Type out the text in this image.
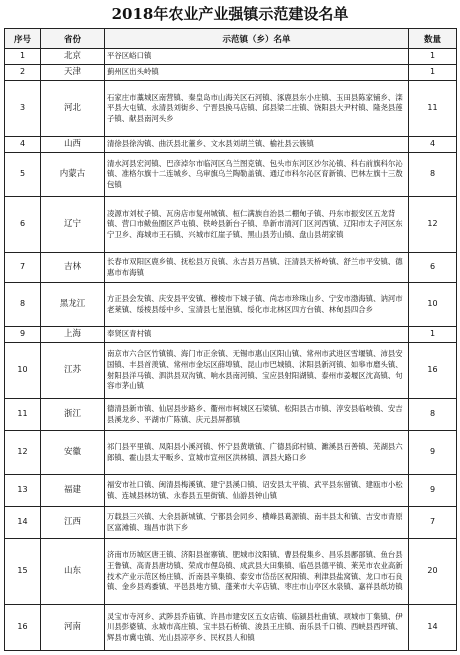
2018年农业产业强镇示范建设名单
序号	省份	示范镇（乡）名单	数量
1	北京	平谷区峪口镇	1
2	天津	蓟州区出头岭镇	1
3	河北	石家庄市藁城区南营镇、秦皇岛市山海关区石河镇、涿鹿县东小庄镇、玉田县陈家铺乡、滦平县大屯镇、永清县刘街乡、宁晋县换马店镇、邱县梁二庄镇、饶阳县大尹村镇、隆尧县莲子镇、献县南河头乡	11
4	山西	清徐县徐沟镇、曲沃县北董乡、文水县刘胡兰镇、榆社县云簇镇	4
5	内蒙古	清水河县宏河镇、巴彦淖尔市临河区乌兰图克镇、包头市东河区沙尔沁镇、科右前旗科尔沁镇、准格尔旗十二连城乡、乌审旗乌兰陶勒盖镇、通辽市科尔沁区育新镇、巴林左旗十三敖包镇	8
6	辽宁	凌源市刘杖子镇、瓦房店市复州城镇、桓仁满族自治县二棚甸子镇、丹东市振安区五龙背镇、营口市鲅鱼圈区芦屯镇、铁岭县新台子镇、阜新市清河门区河西镇、辽阳市太子河区东宁卫乡、海城市王石镇、兴城市红崖子镇、黑山县芳山镇、盘山县胡家镇	12
7	吉林	长春市双阳区鹿乡镇、抚松县万良镇、永吉县万昌镇、汪清县天桥岭镇、舒兰市平安镇、德惠市布海镇	6
8	黑龙江	方正县会发镇、庆安县平安镇、穆棱市下城子镇、尚志市珍珠山乡、宁安市渤海镇、讷河市老莱镇、绥棱县绥中乡、宝清县七星泡镇、绥化市北林区四方台镇、林甸县四合乡	10
9	上海	奉贤区青村镇	1
10	江苏	南京市六合区竹镇镇、海门市正余镇、无锡市惠山区阳山镇、常州市武进区雪堰镇、沛县安国镇、丰县首羡镇、常州市金坛区薛埠镇、昆山市巴城镇、沭阳县新河镇、如皋市磨头镇、射阳县洋马镇、泗洪县双沟镇、响水县南河镇、宝应县射阳湖镇、泰州市姜堰区沈高镇、句容市茅山镇	16
11	浙江	德清县新市镇、仙居县步路乡、衢州市柯城区石梁镇、松阳县古市镇、淳安县临岐镇、安吉县溪龙乡、平湖市广陈镇、庆元县屏都镇	8
12	安徽	祁门县平里镇、凤阳县小溪河镇、怀宁县黄墩镇、广德县邱村镇、濉溪县百善镇、芜湖县六郎镇、霍山县太平畈乡、宣城市宣州区洪林镇、泗县大路口乡	9
13	福建	福安市社口镇、闽清县梅溪镇、建宁县溪口镇、诏安县太平镇、武平县东留镇、建瓯市小松镇、连城县林坊镇、永春县五里街镇、仙游县钟山镇	9
14	江西	万载县三兴镇、大余县新城镇、宁都县会同乡、横峰县葛源镇、南丰县太和镇、吉安市青原区富滩镇、瑞昌市洪下乡	7
15	山东	济南市历城区唐王镇、济阳县崔寨镇、肥城市汶阳镇、曹县倪集乡、昌乐县鄌郚镇、鱼台县王鲁镇、高青县唐坊镇、荣成市俚岛镇、成武县大田集镇、临邑县德平镇、莱芜市农业高新技术产业示范区杨庄镇、沂南县辛集镇、泰安市岱岳区祝阳镇、利津县盐窝镇、龙口市石良镇、金乡县鸡黍镇、平邑县地方镇、蓬莱市大辛店镇、枣庄市山亭区水泉镇、嘉祥县纸坊镇	20
16	河南	灵宝市寺河乡、武陟县乔庙镇、许昌市建安区五女店镇、临颍县杜曲镇、项城市丁集镇、伊川县彭婆镇、永城市高庄镇、宝丰县石桥镇、浚县王庄镇、南乐县千口镇、西峡县西坪镇、辉县市冀屯镇、光山县凉亭乡、民权县人和镇	14
